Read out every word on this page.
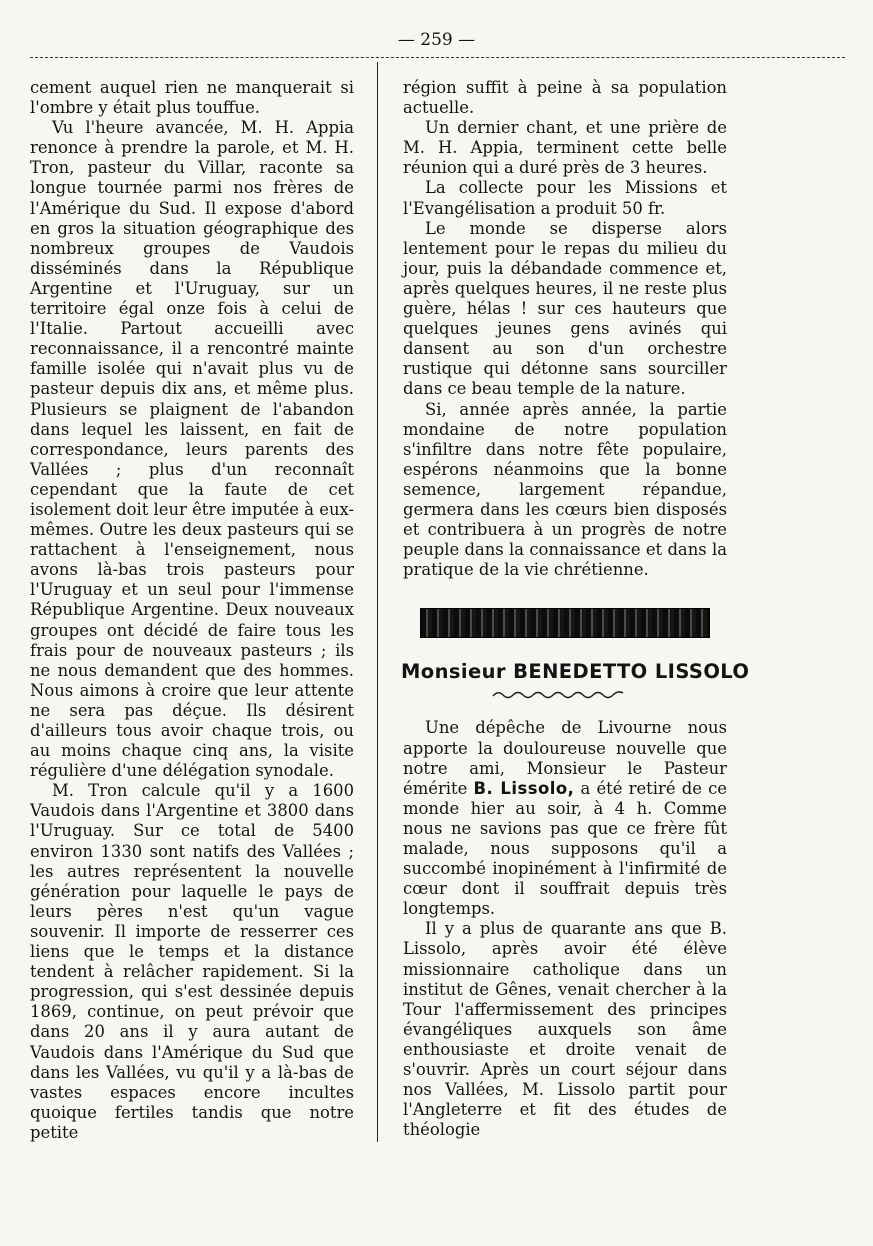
— 259 —

cement auquel rien ne manquerait si l'ombre y était plus touffue.

Vu l'heure avancée, M. H. Appia renonce à prendre la parole, et M. H. Tron, pasteur du Villar, raconte sa longue tournée parmi nos frères de l'Amérique du Sud. Il expose d'abord en gros la situation géographique des nombreux groupes de Vaudois disséminés dans la République Argentine et l'Uruguay, sur un territoire égal onze fois à celui de l'Italie. Partout accueilli avec reconnaissance, il a rencontré mainte famille isolée qui n'avait plus vu de pasteur depuis dix ans, et même plus. Plusieurs se plaignent de l'abandon dans lequel les laissent, en fait de correspondance, leurs parents des Vallées ; plus d'un reconnaît cependant que la faute de cet isolement doit leur être imputée à eux-mêmes. Outre les deux pasteurs qui se rattachent à l'enseignement, nous avons là-bas trois pasteurs pour l'Uruguay et un seul pour l'immense République Argentine. Deux nouveaux groupes ont décidé de faire tous les frais pour de nouveaux pasteurs ; ils ne nous demandent que des hommes. Nous aimons à croire que leur attente ne sera pas déçue. Ils désirent d'ailleurs tous avoir chaque trois, ou au moins chaque cinq ans, la visite régulière d'une délégation synodale.

M. Tron calcule qu'il y a 1600 Vaudois dans l'Argentine et 3800 dans l'Uruguay. Sur ce total de 5400 environ 1330 sont natifs des Vallées ; les autres représentent la nouvelle génération pour laquelle le pays de leurs pères n'est qu'un vague souvenir. Il importe de resserrer ces liens que le temps et la distance tendent à relâcher rapidement. Si la progression, qui s'est dessinée depuis 1869, continue, on peut prévoir que dans 20 ans il y aura autant de Vaudois dans l'Amérique du Sud que dans les Vallées, vu qu'il y a là-bas de vastes espaces encore incultes quoique fertiles tandis que notre petite

région suffit à peine à sa population actuelle.

Un dernier chant, et une prière de M. H. Appia, terminent cette belle réunion qui a duré près de 3 heures.

La collecte pour les Missions et l'Evangélisation a produit 50 fr.

Le monde se disperse alors lentement pour le repas du milieu du jour, puis la débandade commence et, après quelques heures, il ne reste plus guère, hélas ! sur ces hauteurs que quelques jeunes gens avinés qui dansent au son d'un orchestre rustique qui détonne sans sourciller dans ce beau temple de la nature.

Si, année après année, la partie mondaine de notre population s'infiltre dans notre fête populaire, espérons néanmoins que la bonne semence, largement répandue, germera dans les cœurs bien disposés et contribuera à un progrès de notre peuple dans la connaissance et dans la pratique de la vie chrétienne.

Monsieur BENEDETTO LISSOLO

Une dépêche de Livourne nous apporte la douloureuse nouvelle que notre ami, Monsieur le Pasteur émérite B. Lissolo, a été retiré de ce monde hier au soir, à 4 h. Comme nous ne savions pas que ce frère fût malade, nous supposons qu'il a succombé inopinément à l'infirmité de cœur dont il souffrait depuis très longtemps.

Il y a plus de quarante ans que B. Lissolo, après avoir été élève missionnaire catholique dans un institut de Gênes, venait chercher à la Tour l'affermissement des principes évangéliques auxquels son âme enthousiaste et droite venait de s'ouvrir. Après un court séjour dans nos Vallées, M. Lissolo partit pour l'Angleterre et fit des études de théologie
